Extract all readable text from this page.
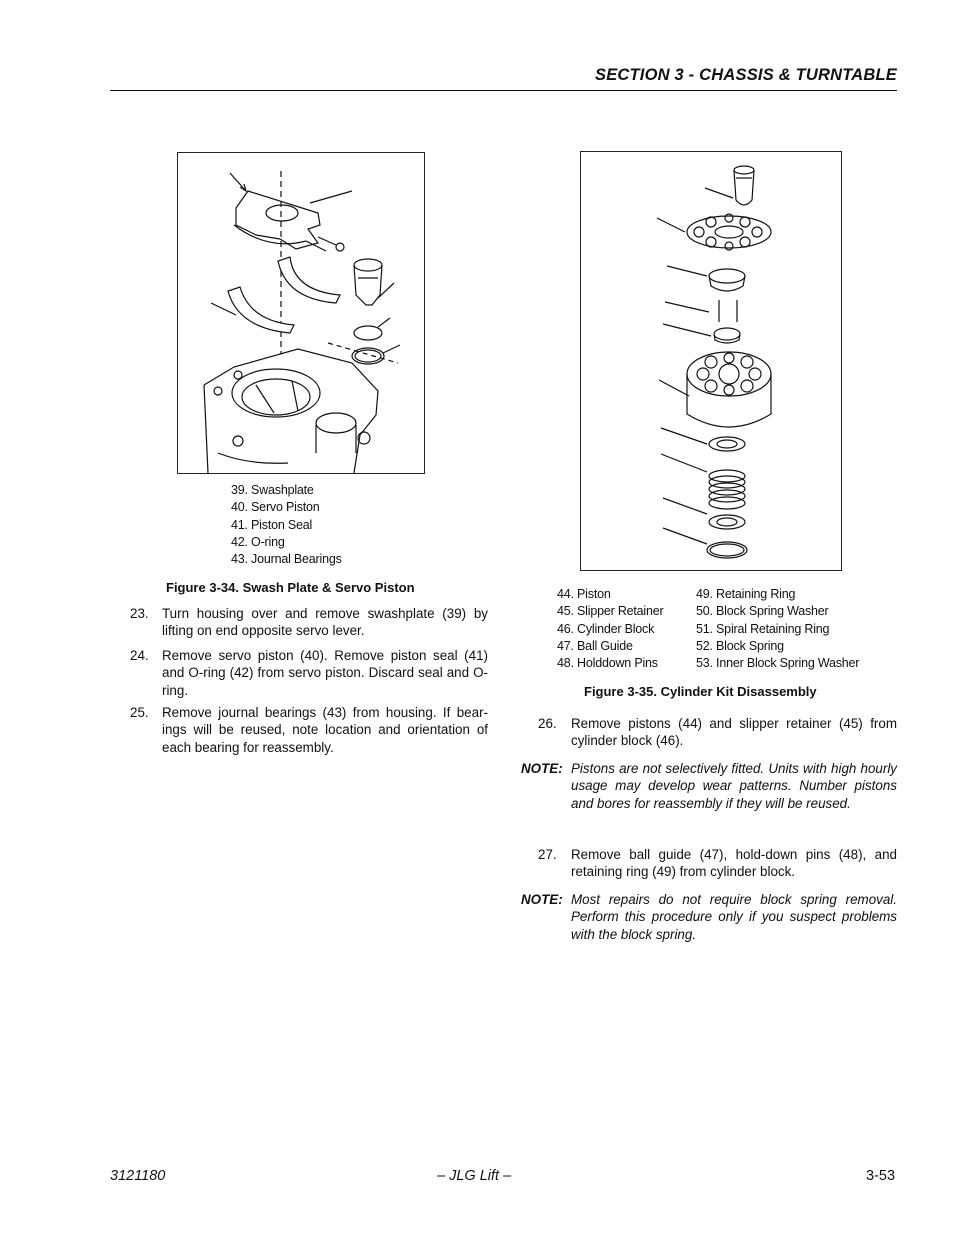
SECTION 3 - CHASSIS & TURNTABLE
39. Swashplate
40. Servo Piston
41. Piston Seal
42. O-ring
43. Journal Bearings
Figure 3-34. Swash Plate & Servo Piston
23. Turn housing over and remove swashplate (39) by lifting on end opposite servo lever.
24. Remove servo piston (40). Remove piston seal (41) and O-ring (42) from servo piston. Discard seal and O-ring.
25. Remove journal bearings (43) from housing. If bear-ings will be reused, note location and orientation of each bearing for reassembly.
44. Piston
45. Slipper Retainer
46. Cylinder Block
47. Ball Guide
48. Holddown Pins
49. Retaining Ring
50. Block Spring Washer
51. Spiral Retaining Ring
52. Block Spring
53. Inner Block Spring Washer
Figure 3-35. Cylinder Kit Disassembly
26. Remove pistons (44) and slipper retainer (45) from cylinder block (46).
NOTE: Pistons are not selectively fitted. Units with high hourly usage may develop wear patterns. Number pistons and bores for reassembly if they will be reused.
27. Remove ball guide (47), hold-down pins (48), and retaining ring (49) from cylinder block.
NOTE: Most repairs do not require block spring removal. Perform this procedure only if you suspect problems with the block spring.
3121180	– JLG Lift –	3-53
